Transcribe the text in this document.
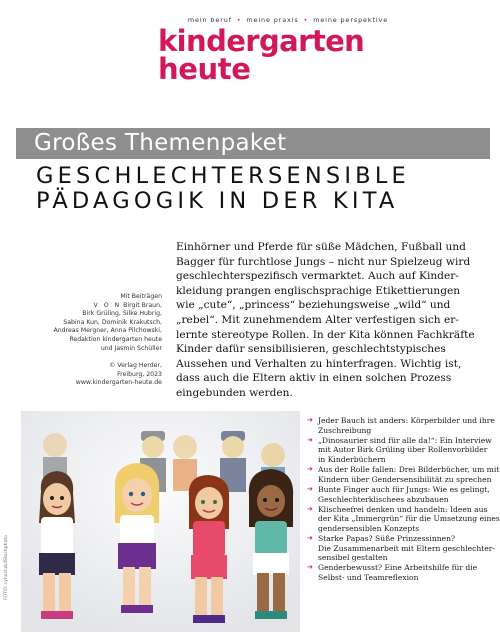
mein beruf • meine praxis • meine perspektive
kindergarten
heute
Großes Themenpaket
GESCHLECHTERSENSIBLE
PÄDAGOGIK IN DER KITA
Einhörner und Pferde für süße Mädchen, Fußball und
Bagger für furchtlose Jungs – nicht nur Spielzeug wird
geschlechterspezifisch vermarktet. Auch auf Kinder-
kleidung prangen englischsprachige Etikettierungen
wie „cute“, „princess“ beziehungsweise „wild“ und
„rebel“. Mit zunehmendem Alter verfestigen sich er-
lernte stereotype Rollen. In der Kita können Fachkräfte
Kinder dafür sensibilisieren, geschlechtstypisches
Aussehen und Verhalten zu hinterfragen. Wichtig ist,
dass auch die Eltern aktiv in einen solchen Prozess
eingebunden werden.
Mit Beiträgen
V O N Birgit Braun,
Birk Grüling, Silke Hubrig,
Sabina Kun, Dominik Krakutsch,
Andreas Mergner, Anna Pilchowski,
Redaktion kindergarten heute
und Jasmin Schüller
© Verlag Herder,
Freiburg, 2023
www.kindergarten-heute.de
FOTO: cynoclub/iStockphoto
➔ Jeder Bauch ist anders: Körperbilder und ihre
Zuschreibung
➔ „Dinosaurier sind für alle da!“: Ein Interview
mit Autor Birk Grüling über Rollenvorbilder
in Kinderbüchern
➔ Aus der Rolle fallen: Drei Bilderbücher, um mit
Kindern über Gendersensibilität zu sprechen
➔ Bunte Finger auch für Jungs: Wie es gelingt,
Geschlechterklischees abzubauen
➔ Klischeefrei denken und handeln: Ideen aus
der Kita „Immergrün“ für die Umsetzung eines
gendersensiblen Konzepts
➔ Starke Papas? Süße Prinzessinnen?
Die Zusammenarbeit mit Eltern geschlechter-
sensibel gestalten
➔ Genderbewusst? Eine Arbeitshilfe für die
Selbst- und Teamreflexion
